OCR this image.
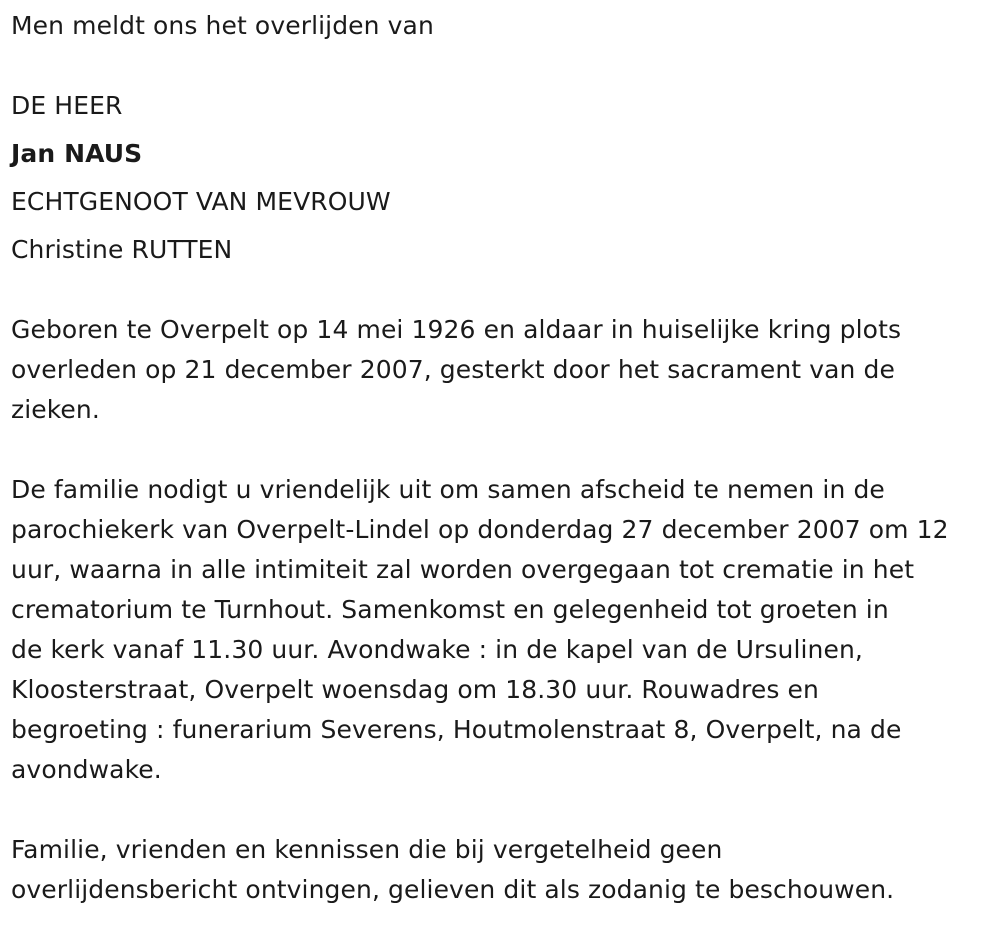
Men meldt ons het overlijden van

DE HEER

Jan NAUS

ECHTGENOOT VAN MEVROUW

Christine RUTTEN

Geboren te Overpelt op 14 mei 1926 en aldaar in huiselijke kring plots
overleden op 21 december 2007, gesterkt door het sacrament van de
zieken.
De familie nodigt u vriendelijk uit om samen afscheid te nemen in de
parochiekerk van Overpelt-Lindel op donderdag 27 december 2007 om 12
uur, waarna in alle intimiteit zal worden overgegaan tot crematie in het
crematorium te Turnhout. Samenkomst en gelegenheid tot groeten in
de kerk vanaf 11.30 uur. Avondwake : in de kapel van de Ursulinen,
Kloosterstraat, Overpelt woensdag om 18.30 uur. Rouwadres en
begroeting : funerarium Severens, Houtmolenstraat 8, Overpelt, na de
avondwake.
Familie, vrienden en kennissen die bij vergetelheid geen
overlijdensbericht ontvingen, gelieven dit als zodanig te beschouwen.
